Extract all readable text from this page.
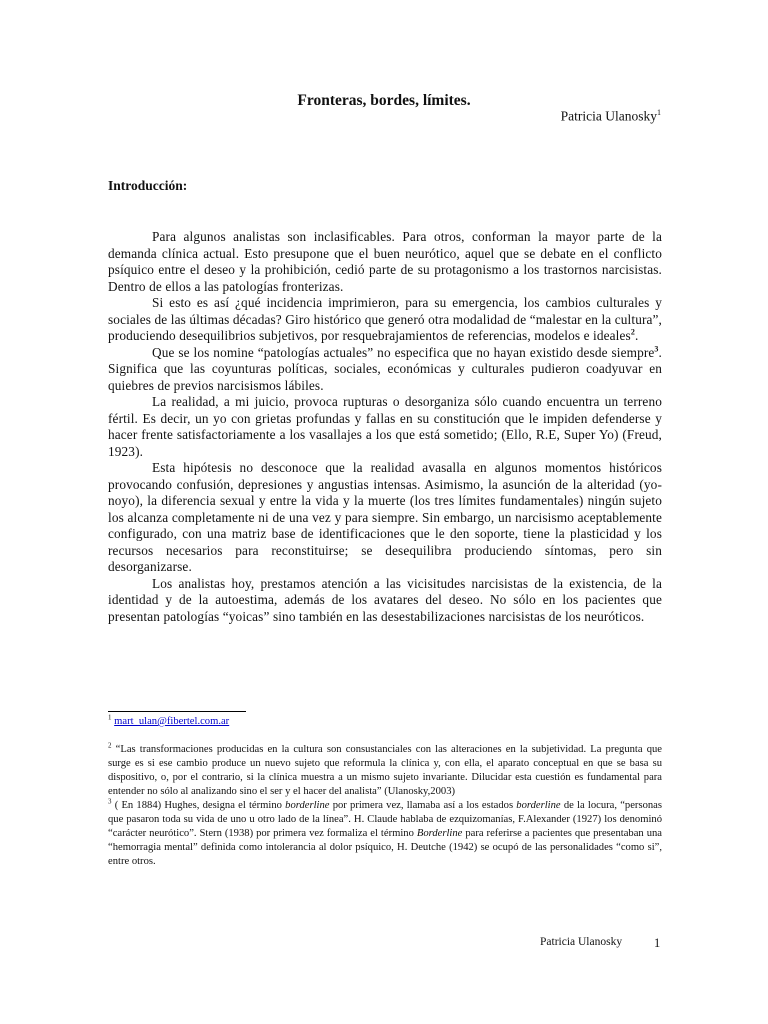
Fronteras, bordes, límites.
Patricia Ulanosky$^1$
Introducción:

Para algunos analistas son inclasificables. Para otros, conforman la mayor parte de la demanda clínica actual. Esto presupone que el buen neurótico, aquel que se debate en el conflicto psíquico entre el deseo y la prohibición, cedió parte de su protagonismo a los trastornos narcisistas. Dentro de ellos a las patologías fronterizas.

Si esto es así ¿qué incidencia imprimieron, para su emergencia, los cambios culturales y sociales de las últimas décadas? Giro histórico que generó otra modalidad de “malestar en la cultura”, produciendo desequilibrios subjetivos, por resquebrajamientos de referencias, modelos e ideales$^2$.

Que se los nomine “patologías actuales” no especifica que no hayan existido desde siempre$^3$. Significa que las coyunturas políticas, sociales, económicas y culturales pudieron coadyuvar en quiebres de previos narcisismos lábiles.

La realidad, a mi juicio, provoca rupturas o desorganiza sólo cuando encuentra un terreno fértil. Es decir, un yo con grietas profundas y fallas en su constitución que le impiden defenderse y hacer frente satisfactoriamente a los vasallajes a los que está sometido; (Ello, R.E, Super Yo) (Freud, 1923).

Esta hipótesis no desconoce que la realidad avasalla en algunos momentos históricos provocando confusión, depresiones y angustias intensas. Asimismo, la asunción de la alteridad (yo-noyo), la diferencia sexual y entre la vida y la muerte (los tres límites fundamentales) ningún sujeto los alcanza completamente ni de una vez y para siempre. Sin embargo, un narcisismo aceptablemente configurado, con una matriz base de identificaciones que le den soporte, tiene la plasticidad y los recursos necesarios para reconstituirse; se desequilibra produciendo síntomas, pero sin desorganizarse.

Los analistas hoy, prestamos atención a las vicisitudes narcisistas de la existencia, de la identidad y de la autoestima, además de los avatares del deseo. No sólo en los pacientes que presentan patologías “yoicas” sino también en las desestabilizaciones narcisistas de los neuróticos.

$^1$ mart_ulan@fibertel.com.ar

$^2$ “Las transformaciones producidas en la cultura son consustanciales con las alteraciones en la subjetividad. La pregunta que surge es si ese cambio produce un nuevo sujeto que reformula la clínica y, con ella, el aparato conceptual en que se basa su dispositivo, o, por el contrario, si la clínica muestra a un mismo sujeto invariante. Dilucidar esta cuestión es fundamental para entender no sólo al analizando sino el ser y el hacer del analista” (Ulanosky,2003)

$^3$ ( En 1884) Hughes, designa el término borderline por primera vez, llamaba así a los estados borderline de la locura, “personas que pasaron toda su vida de uno u otro lado de la línea”. H. Claude hablaba de ezquizomanías, F.Alexander (1927) los denominó “carácter neurótico”. Stern (1938) por primera vez formaliza el término Borderline para referirse a pacientes que presentaban una “hemorragia mental” definida como intolerancia al dolor psíquico, H. Deutche (1942) se ocupó de las personalidades “como si”, entre otros.

Patricia Ulanosky	1
